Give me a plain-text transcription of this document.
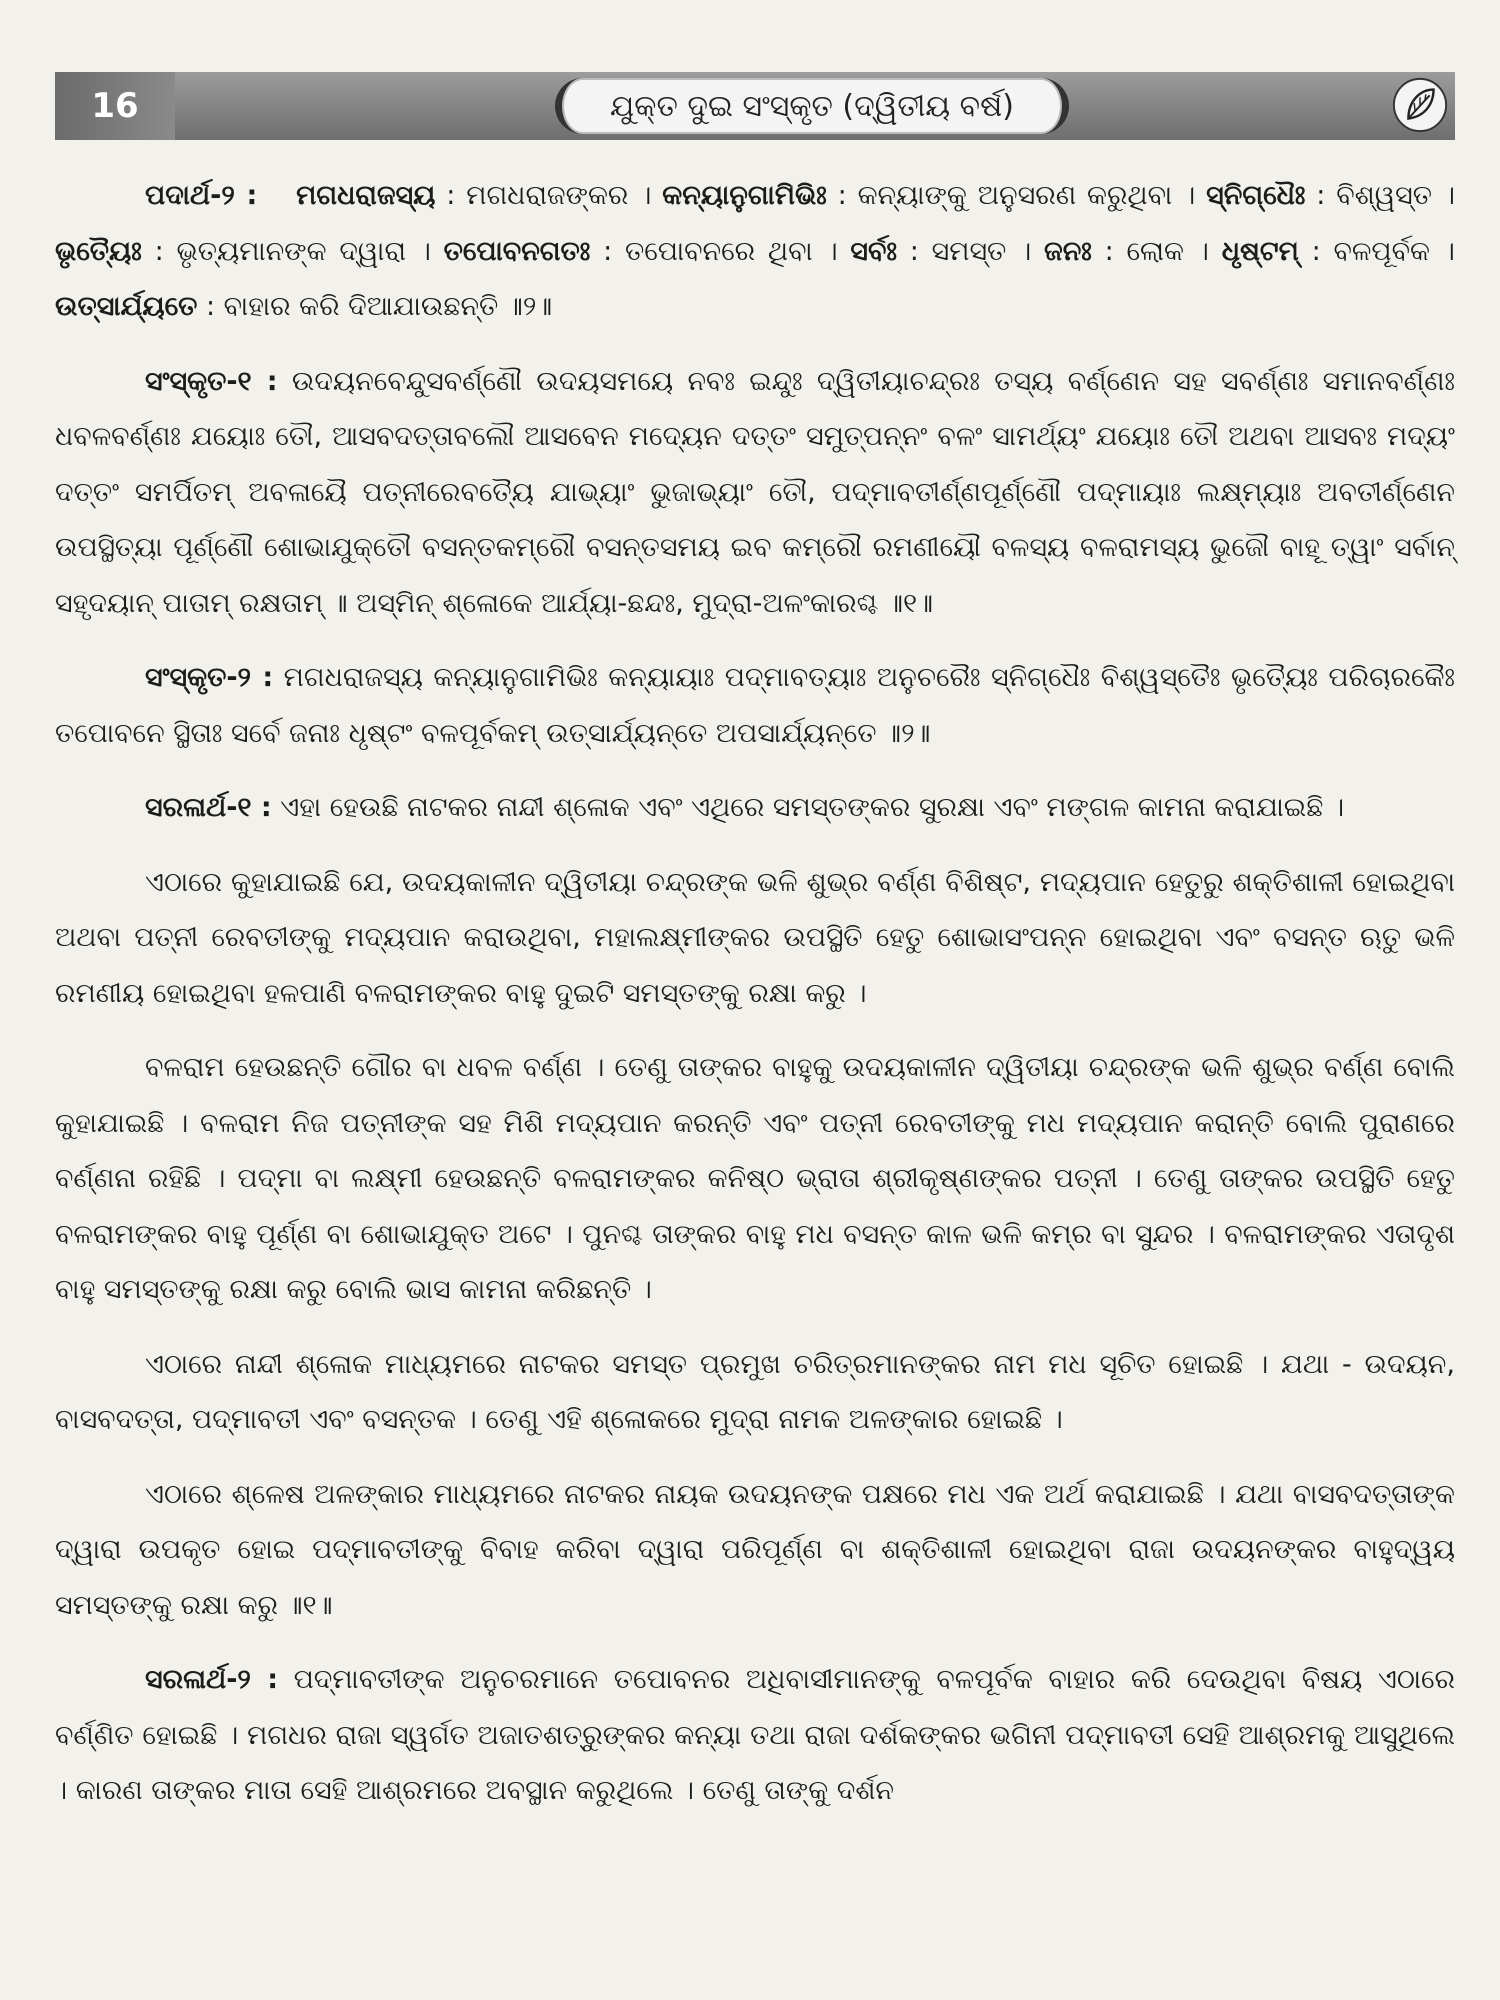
16	ଯୁକ୍ତ ଦୁଇ ସଂସ୍କୃତ (ଦ୍ୱିତୀୟ ବର୍ଷ)

ପଦାର୍ଥ-୨ : ମଗଧରାଜସ୍ୟ : ମଗଧରାଜଙ୍କର । କନ୍ୟାନୁଗାମିଭିଃ : କନ୍ୟାଙ୍କୁ ଅନୁସରଣ କରୁଥିବା । ସ୍ନିଗ୍ଧୈଃ : ବିଶ୍ୱସ୍ତ । ଭୃତ୍ୟୈଃ : ଭୃତ୍ୟମାନଙ୍କ ଦ୍ୱାରା । ତପୋବନଗତଃ : ତପୋବନରେ ଥିବା । ସର୍ବଃ : ସମସ୍ତ । ଜନଃ : ଲୋକ । ଧୃଷ୍ଟମ୍ : ବଳପୂର୍ବକ । ଉତ୍ସାର୍ଯ୍ୟତେ : ବାହାର କରି ଦିଆଯାଉଛନ୍ତି ॥୨॥

ସଂସ୍କୃତ-୧ : ଉଦୟନବେନ୍ଦୁସବର୍ଣ୍ଣୌ ଉଦୟସମୟେ ନବଃ ଇନ୍ଦୁଃ ଦ୍ୱିତୀୟାଚନ୍ଦ୍ରଃ ତସ୍ୟ ବର୍ଣ୍ଣେନ ସହ ସବର୍ଣ୍ଣଃ ସମାନବର୍ଣ୍ଣଃ ଧବଳବର୍ଣ୍ଣଃ ଯୟୋଃ ତୌ, ଆସବଦତ୍ତାବଲୌ ଆସବେନ ମଦ୍ୟେନ ଦତ୍ତଂ ସମୁତ୍ପନ୍ନଂ ବଳଂ ସାମର୍ଥ୍ୟଂ ଯୟୋଃ ତୌ ଅଥବା ଆସବଃ ମଦ୍ୟଂ ଦତ୍ତଂ ସମର୍ପିତମ୍ ଅବଳାୟୈ ପତ୍ନୀରେବତ୍ୟୈ ଯାଭ୍ୟାଂ ଭୁଜାଭ୍ୟାଂ ତୌ, ପଦ୍ମାବତୀର୍ଣ୍ଣପୂର୍ଣ୍ଣୌ ପଦ୍ମାୟାଃ ଲକ୍ଷ୍ମ୍ୟାଃ ଅବତୀର୍ଣ୍ଣେନ ଉପସ୍ଥିତ୍ୟା ପୂର୍ଣ୍ଣୌ ଶୋଭାଯୁକ୍ତୌ ବସନ୍ତକମ୍ରୌ ବସନ୍ତସମୟ ଇବ କମ୍ରୌ ରମଣୀୟୌ ବଳସ୍ୟ ବଳରାମସ୍ୟ ଭୁଜୌ ବାହୂ ତ୍ୱାଂ ସର୍ବାନ୍ ସହୃଦୟାନ୍ ପାତାମ୍ ରକ୍ଷତାମ୍ ॥ ଅସ୍ମିନ୍ ଶ୍ଳୋକେ ଆର୍ଯ୍ୟା-ଛନ୍ଦଃ, ମୁଦ୍ରା-ଅଳଂକାରଶ୍ଚ ॥୧॥

ସଂସ୍କୃତ-୨ : ମଗଧରାଜସ୍ୟ କନ୍ୟାନୁଗାମିଭିଃ କନ୍ୟାୟାଃ ପଦ୍ମାବତ୍ୟାଃ ଅନୁଚରୈଃ ସ୍ନିଗ୍ଧୈଃ ବିଶ୍ୱସ୍ତୈଃ ଭୃତ୍ୟୈଃ ପରିଚାରକୈଃ ତପୋବନେ ସ୍ଥିତାଃ ସର୍ବେ ଜନାଃ ଧୃଷ୍ଟଂ ବଳପୂର୍ବକମ୍ ଉତ୍ସାର୍ଯ୍ୟନ୍ତେ ଅପସାର୍ଯ୍ୟନ୍ତେ ॥୨॥

ସରଳାର୍ଥ-୧ : ଏହା ହେଉଛି ନାଟକର ନାନ୍ଦୀ ଶ୍ଳୋକ ଏବଂ ଏଥିରେ ସମସ୍ତଙ୍କର ସୁରକ୍ଷା ଏବଂ ମଙ୍ଗଳ କାମନା କରାଯାଇଛି ।

ଏଠାରେ କୁହାଯାଇଛି ଯେ, ଉଦୟକାଳୀନ ଦ୍ୱିତୀୟା ଚନ୍ଦ୍ରଙ୍କ ଭଳି ଶୁଭ୍ର ବର୍ଣ୍ଣ ବିଶିଷ୍ଟ, ମଦ୍ୟପାନ ହେତୁରୁ ଶକ୍ତିଶାଳୀ ହୋଇଥିବା ଅଥବା ପତ୍ନୀ ରେବତୀଙ୍କୁ ମଦ୍ୟପାନ କରାଉଥିବା, ମହାଲକ୍ଷ୍ମୀଙ୍କର ଉପସ୍ଥିତି ହେତୁ ଶୋଭାସଂପନ୍ନ ହୋଇଥିବା ଏବଂ ବସନ୍ତ ଋତୁ ଭଳି ରମଣୀୟ ହୋଇଥିବା ହଳପାଣି ବଳରାମଙ୍କର ବାହୁ ଦୁଇଟି ସମସ୍ତଙ୍କୁ ରକ୍ଷା କରୁ ।

ବଳରାମ ହେଉଛନ୍ତି ଗୌର ବା ଧବଳ ବର୍ଣ୍ଣ । ତେଣୁ ତାଙ୍କର ବାହୁକୁ ଉଦୟକାଳୀନ ଦ୍ୱିତୀୟା ଚନ୍ଦ୍ରଙ୍କ ଭଳି ଶୁଭ୍ର ବର୍ଣ୍ଣ ବୋଲି କୁହାଯାଇଛି । ବଳରାମ ନିଜ ପତ୍ନୀଙ୍କ ସହ ମିଶି ମଦ୍ୟପାନ କରନ୍ତି ଏବଂ ପତ୍ନୀ ରେବତୀଙ୍କୁ ମଧ ମଦ୍ୟପାନ କରାନ୍ତି ବୋଲି ପୁରାଣରେ ବର୍ଣ୍ଣନା ରହିଛି । ପଦ୍ମା ବା ଲକ୍ଷ୍ମୀ ହେଉଛନ୍ତି ବଳରାମଙ୍କର କନିଷ୍ଠ ଭ୍ରାତା ଶ୍ରୀକୃଷ୍ଣଙ୍କର ପତ୍ନୀ । ତେଣୁ ତାଙ୍କର ଉପସ୍ଥିତି ହେତୁ ବଳରାମଙ୍କର ବାହୁ ପୂର୍ଣ୍ଣ ବା ଶୋଭାଯୁକ୍ତ ଅଟେ । ପୁନଶ୍ଚ ତାଙ୍କର ବାହୁ ମଧ ବସନ୍ତ କାଳ ଭଳି କମ୍ର ବା ସୁନ୍ଦର । ବଳରାମଙ୍କର ଏତାଦୃଶ ବାହୁ ସମସ୍ତଙ୍କୁ ରକ୍ଷା କରୁ ବୋଲି ଭାସ କାମନା କରିଛନ୍ତି ।

ଏଠାରେ ନାନ୍ଦୀ ଶ୍ଳୋକ ମାଧ୍ୟମରେ ନାଟକର ସମସ୍ତ ପ୍ରମୁଖ ଚରିତ୍ରମାନଙ୍କର ନାମ ମଧ ସୂଚିତ ହୋଇଛି । ଯଥା - ଉଦୟନ, ବାସବଦତ୍ତା, ପଦ୍ମାବତୀ ଏବଂ ବସନ୍ତକ । ତେଣୁ ଏହି ଶ୍ଳୋକରେ ମୁଦ୍ରା ନାମକ ଅଳଙ୍କାର ହୋଇଛି ।

ଏଠାରେ ଶ୍ଳେଷ ଅଳଙ୍କାର ମାଧ୍ୟମରେ ନାଟକର ନାୟକ ଉଦୟନଙ୍କ ପକ୍ଷରେ ମଧ ଏକ ଅର୍ଥ କରାଯାଇଛି । ଯଥା ବାସବଦତ୍ତାଙ୍କ ଦ୍ୱାରା ଉପକୃତ ହୋଇ ପଦ୍ମାବତୀଙ୍କୁ ବିବାହ କରିବା ଦ୍ୱାରା ପରିପୂର୍ଣ୍ଣ ବା ଶକ୍ତିଶାଳୀ ହୋଇଥିବା ରାଜା ଉଦୟନଙ୍କର ବାହୁଦ୍ୱୟ ସମସ୍ତଙ୍କୁ ରକ୍ଷା କରୁ ॥୧॥

ସରଳାର୍ଥ-୨ : ପଦ୍ମାବତୀଙ୍କ ଅନୁଚରମାନେ ତପୋବନର ଅଧିବାସୀମାନଙ୍କୁ ବଳପୂର୍ବକ ବାହାର କରି ଦେଉଥିବା ବିଷୟ ଏଠାରେ ବର୍ଣ୍ଣିତ ହୋଇଛି । ମଗଧର ରାଜା ସ୍ୱର୍ଗତ ଅଜାତଶତ୍ରୁଙ୍କର କନ୍ୟା ତଥା ରାଜା ଦର୍ଶକଙ୍କର ଭଗିନୀ ପଦ୍ମାବତୀ ସେହି ଆଶ୍ରମକୁ ଆସୁଥିଲେ । କାରଣ ତାଙ୍କର ମାତା ସେହି ଆଶ୍ରମରେ ଅବସ୍ଥାନ କରୁଥିଲେ । ତେଣୁ ତାଙ୍କୁ ଦର୍ଶନ
